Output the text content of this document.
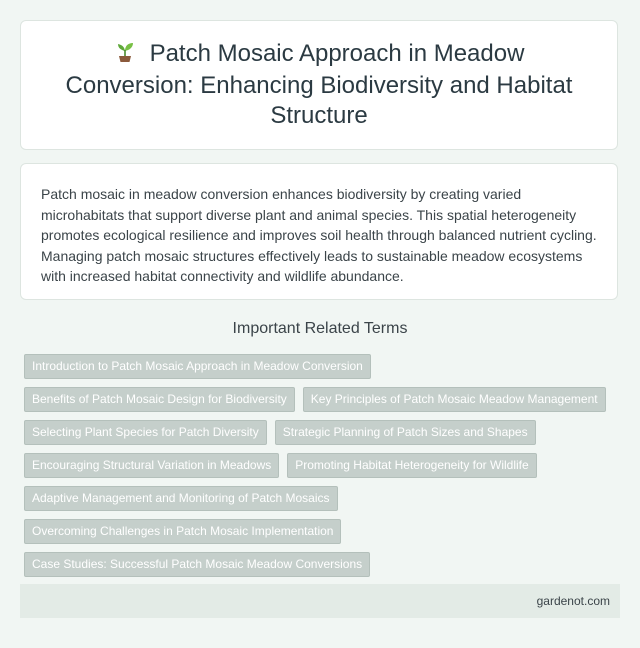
Patch Mosaic Approach in Meadow Conversion: Enhancing Biodiversity and Habitat Structure

Patch mosaic in meadow conversion enhances biodiversity by creating varied microhabitats that support diverse plant and animal species. This spatial heterogeneity promotes ecological resilience and improves soil health through balanced nutrient cycling. Managing patch mosaic structures effectively leads to sustainable meadow ecosystems with increased habitat connectivity and wildlife abundance.

Important Related Terms
Introduction to Patch Mosaic Approach in Meadow Conversion
Benefits of Patch Mosaic Design for Biodiversity	Key Principles of Patch Mosaic Meadow Management
Selecting Plant Species for Patch Diversity	Strategic Planning of Patch Sizes and Shapes
Encouraging Structural Variation in Meadows	Promoting Habitat Heterogeneity for Wildlife
Adaptive Management and Monitoring of Patch Mosaics
Overcoming Challenges in Patch Mosaic Implementation
Case Studies: Successful Patch Mosaic Meadow Conversions
gardenot.com
